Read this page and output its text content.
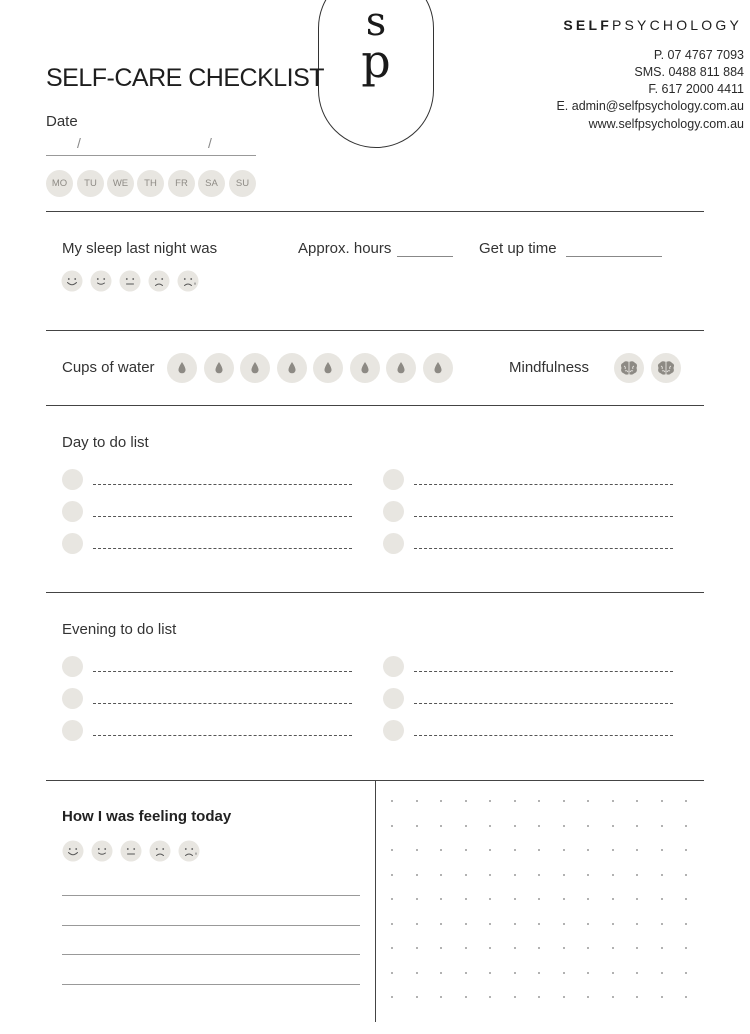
s
p
SELF-CARE CHECKLIST
SELFPSYCHOLOGY
P. 07 4767 7093
SMS. 0488 811 884
F. 617 2000 4411
E. admin@selfpsychology.com.au
www.selfpsychology.com.au
Date
/	/
MO	TU	WE	TH	FR	SA	SU
My sleep last night was	Approx. hours	Get up time
Cups of water	Mindfulness
Day to do list
Evening to do list
How I was feeling today
